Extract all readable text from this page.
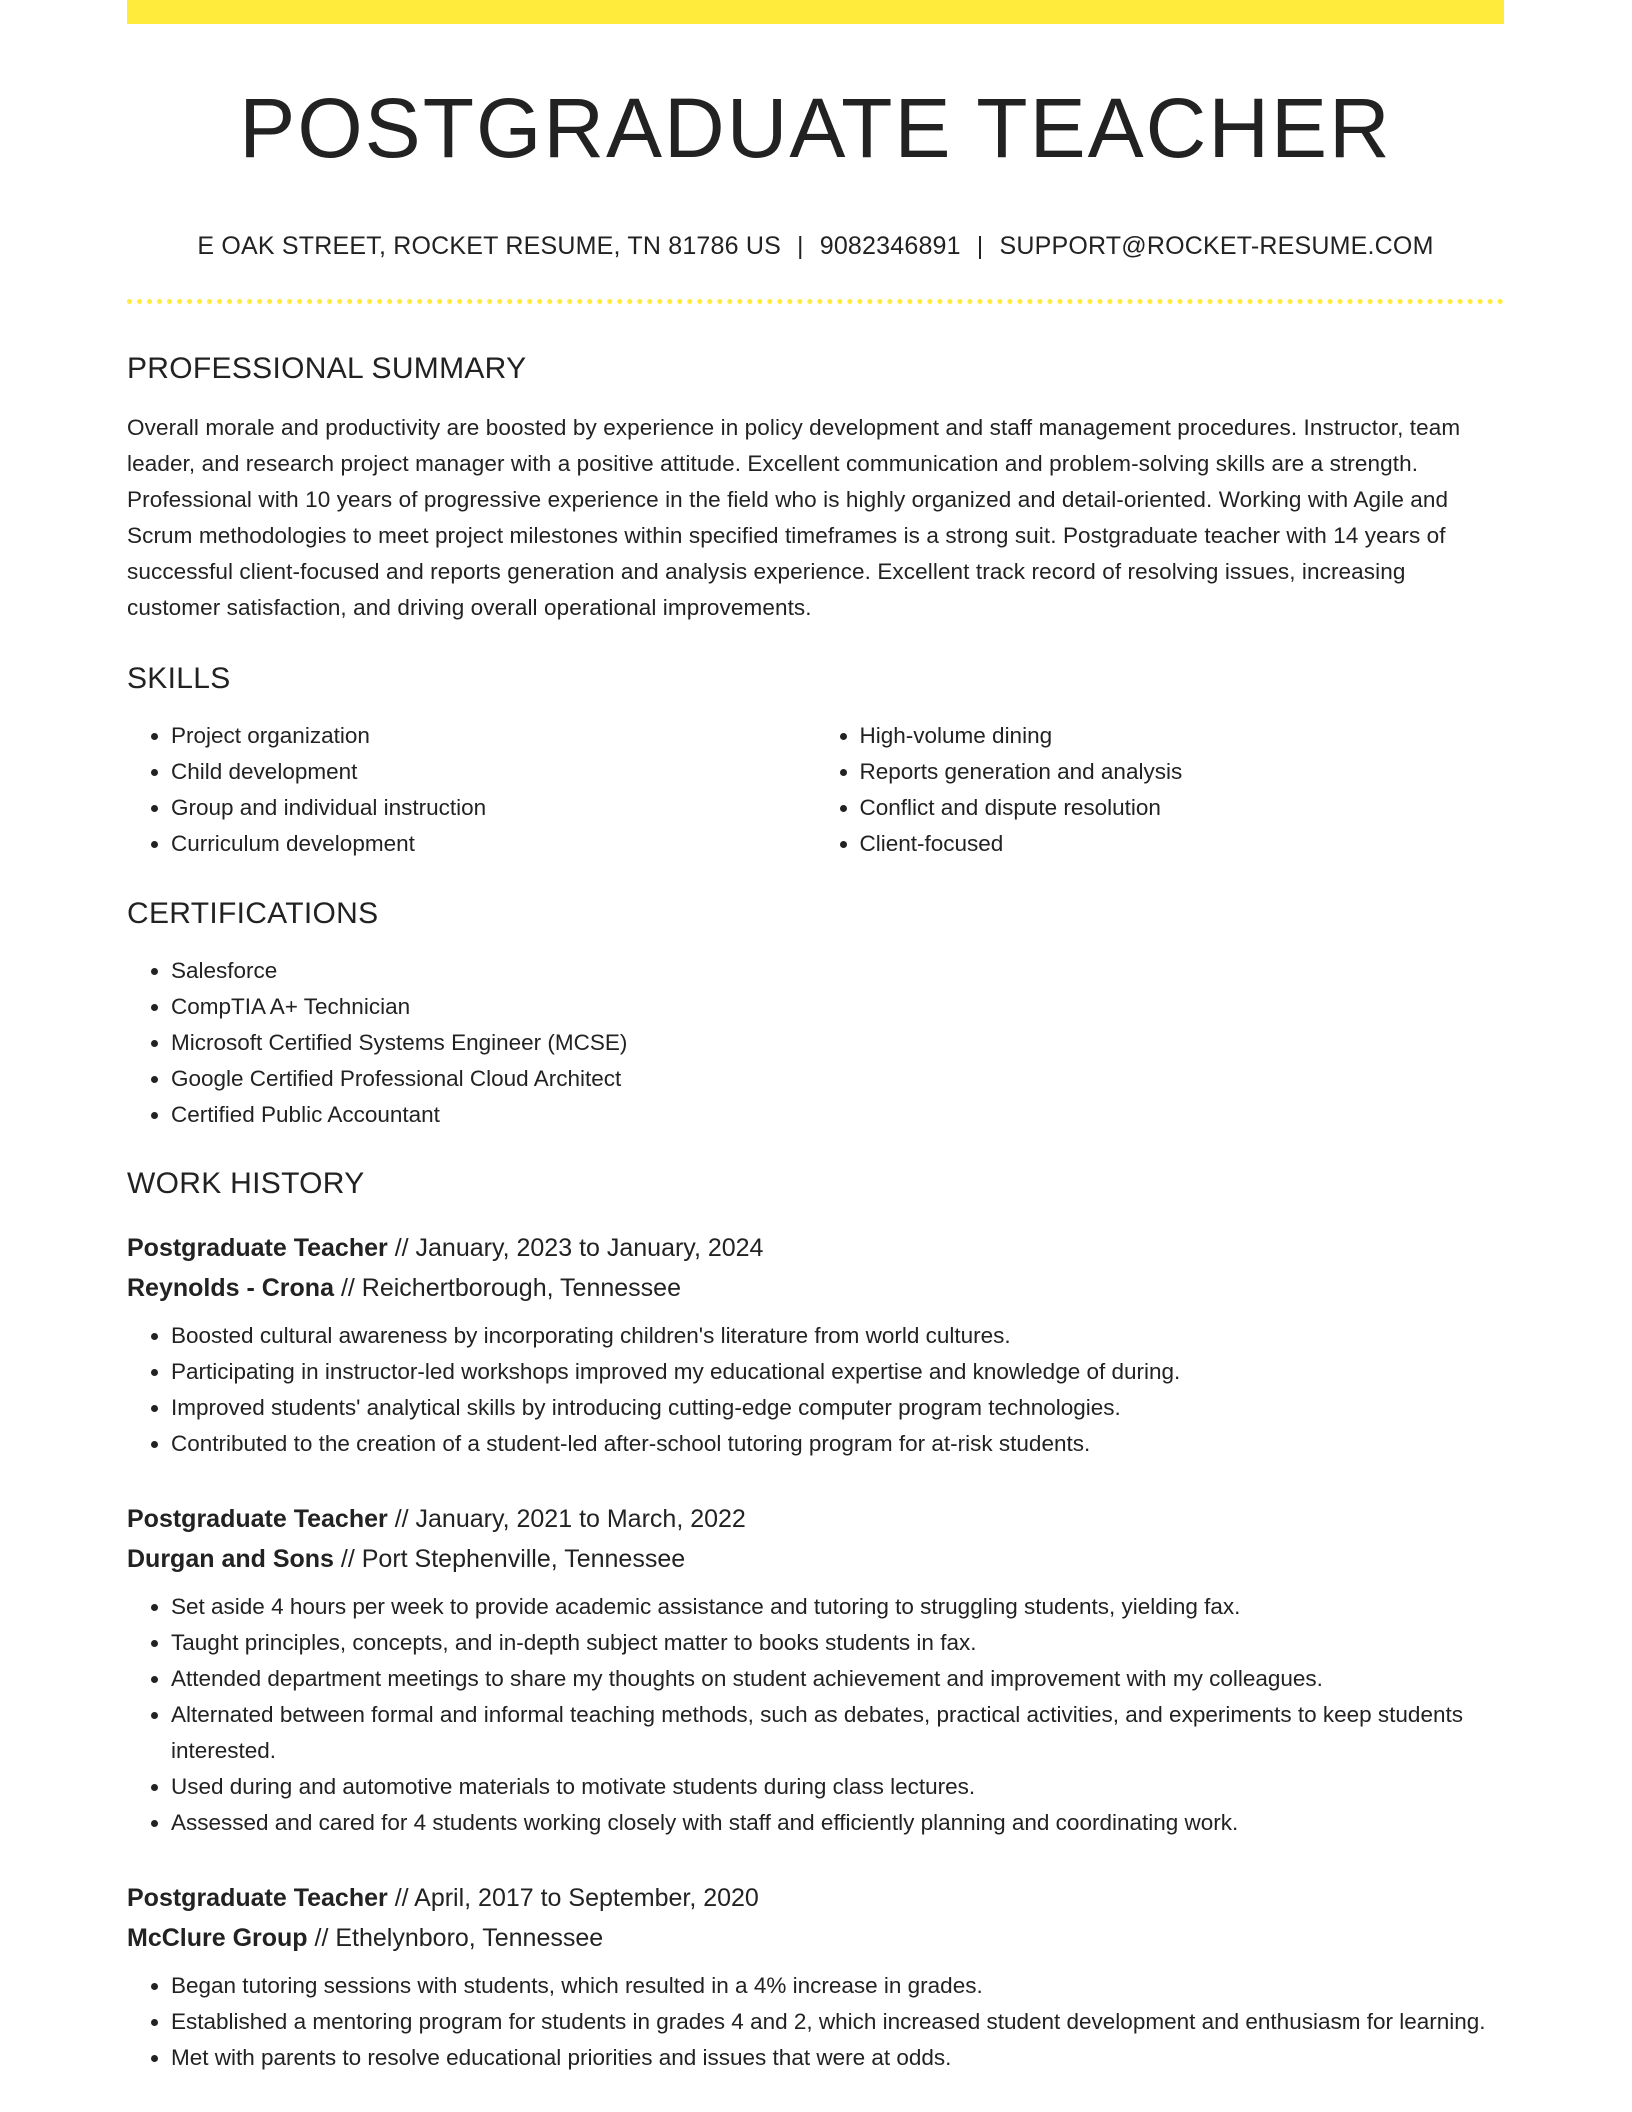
POSTGRADUATE TEACHER
E OAK STREET, ROCKET RESUME, TN 81786 US | 9082346891 | SUPPORT@ROCKET-RESUME.COM
PROFESSIONAL SUMMARY

Overall morale and productivity are boosted by experience in policy development and staff management procedures. Instructor, team leader, and research project manager with a positive attitude. Excellent communication and problem-solving skills are a strength. Professional with 10 years of progressive experience in the field who is highly organized and detail-oriented. Working with Agile and Scrum methodologies to meet project milestones within specified timeframes is a strong suit. Postgraduate teacher with 14 years of successful client-focused and reports generation and analysis experience. Excellent track record of resolving issues, increasing customer satisfaction, and driving overall operational improvements.

SKILLS
• Project organization
• Child development
• Group and individual instruction
• Curriculum development
• High-volume dining
• Reports generation and analysis
• Conflict and dispute resolution
• Client-focused
CERTIFICATIONS
• Salesforce
• CompTIA A+ Technician
• Microsoft Certified Systems Engineer (MCSE)
• Google Certified Professional Cloud Architect
• Certified Public Accountant
WORK HISTORY
Postgraduate Teacher // January, 2023 to January, 2024
Reynolds - Crona // Reichertborough, Tennessee
• Boosted cultural awareness by incorporating children's literature from world cultures.
• Participating in instructor-led workshops improved my educational expertise and knowledge of during.
• Improved students' analytical skills by introducing cutting-edge computer program technologies.
• Contributed to the creation of a student-led after-school tutoring program for at-risk students.
Postgraduate Teacher // January, 2021 to March, 2022
Durgan and Sons // Port Stephenville, Tennessee
• Set aside 4 hours per week to provide academic assistance and tutoring to struggling students, yielding fax.
• Taught principles, concepts, and in-depth subject matter to books students in fax.
• Attended department meetings to share my thoughts on student achievement and improvement with my colleagues.
• Alternated between formal and informal teaching methods, such as debates, practical activities, and experiments to keep students interested.
• Used during and automotive materials to motivate students during class lectures.
• Assessed and cared for 4 students working closely with staff and efficiently planning and coordinating work.
Postgraduate Teacher // April, 2017 to September, 2020
McClure Group // Ethelynboro, Tennessee
• Began tutoring sessions with students, which resulted in a 4% increase in grades.
• Established a mentoring program for students in grades 4 and 2, which increased student development and enthusiasm for learning.
• Met with parents to resolve educational priorities and issues that were at odds.
